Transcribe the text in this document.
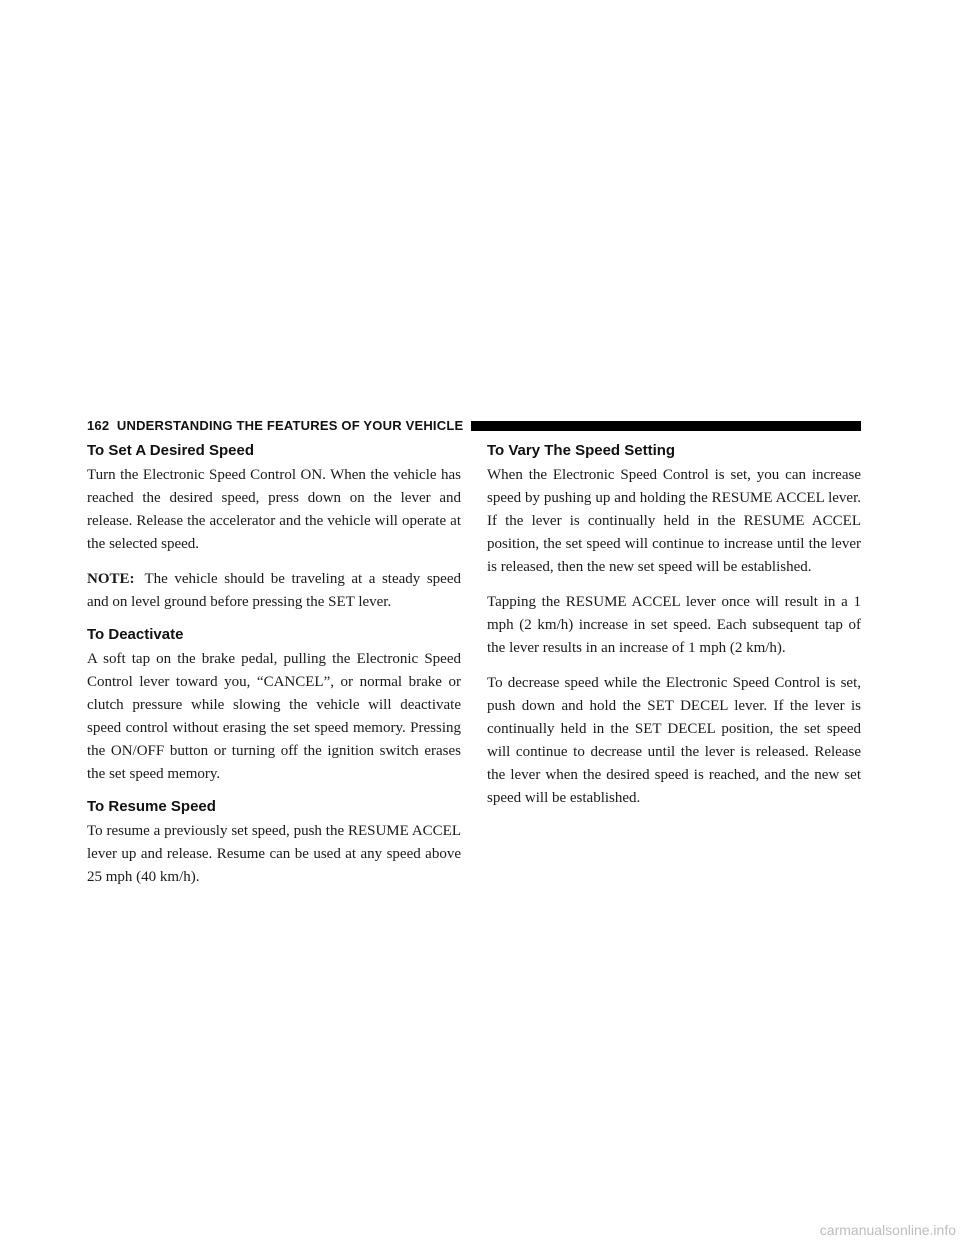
162 UNDERSTANDING THE FEATURES OF YOUR VEHICLE
To Set A Desired Speed

Turn the Electronic Speed Control ON. When the vehicle has reached the desired speed, press down on the lever and release. Release the accelerator and the vehicle will operate at the selected speed.

NOTE: The vehicle should be traveling at a steady speed and on level ground before pressing the SET lever.

To Deactivate

A soft tap on the brake pedal, pulling the Electronic Speed Control lever toward you, “CANCEL”, or normal brake or clutch pressure while slowing the vehicle will deactivate speed control without erasing the set speed memory. Pressing the ON/OFF button or turning off the ignition switch erases the set speed memory.

To Resume Speed

To resume a previously set speed, push the RESUME ACCEL lever up and release. Resume can be used at any speed above 25 mph (40 km/h).

To Vary The Speed Setting

When the Electronic Speed Control is set, you can increase speed by pushing up and holding the RESUME ACCEL lever. If the lever is continually held in the RESUME ACCEL position, the set speed will continue to increase until the lever is released, then the new set speed will be established.

Tapping the RESUME ACCEL lever once will result in a 1 mph (2 km/h) increase in set speed. Each subsequent tap of the lever results in an increase of 1 mph (2 km/h).

To decrease speed while the Electronic Speed Control is set, push down and hold the SET DECEL lever. If the lever is continually held in the SET DECEL position, the set speed will continue to decrease until the lever is released. Release the lever when the desired speed is reached, and the new set speed will be established.

carmanualsonline.info
